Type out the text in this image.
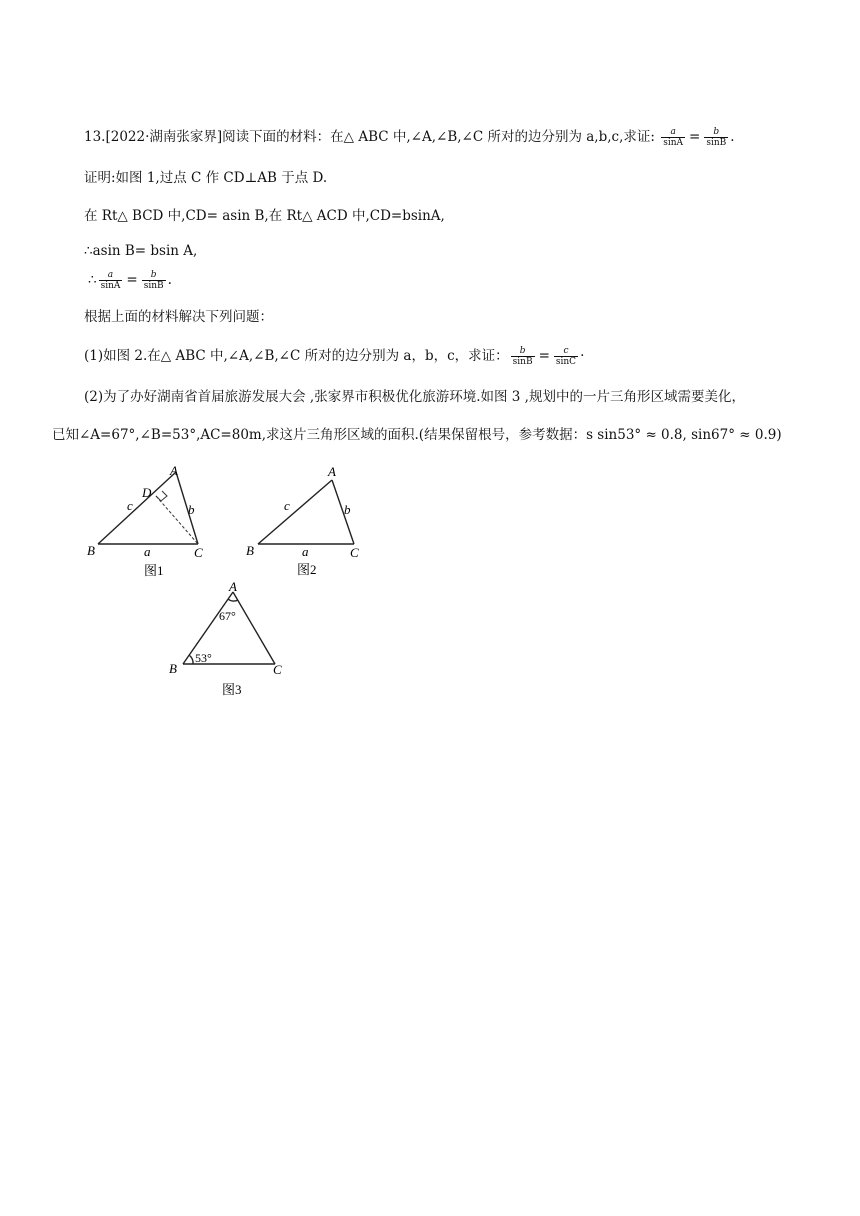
13.[2022·湖南张家界]阅读下面的材料：在△ ABC 中,∠A,∠B,∠C 所对的边分别为 a,b,c,求证: $\frac{a}{\sin A} = \frac{b}{\sin B}$ .
证明:如图 1,过点 C 作 CD⊥AB 于点 D.
在 Rt△ BCD 中,CD= asin B,在 Rt△ ACD 中,CD=bsinA,
∴asin B= bsin A,
∴ $\frac{a}{\sin A} = \frac{b}{\sin B}$ .
根据上面的材料解决下列问题：
(1)如图 2.在△ ABC 中,∠A,∠B,∠C 所对的边分别为 a，b，c，求证： $\frac{b}{\sin B} = \frac{c}{\sin C}$ ·
(2)为了办好湖南省首届旅游发展大会 ,张家界市积极优化旅游环境.如图 3 ,规划中的一片三角形区域需要美化，
已知∠A=67°,∠B=53°,AC=80m,求这片三角形区域的面积.(结果保留根号，参考数据：s sin53° ≈ 0.8, sin67° ≈ 0.9)
A
D
B	C
c	b
a
图1
A
B	C
c	b
a
图2
A
B	C
67°
53°
图3
